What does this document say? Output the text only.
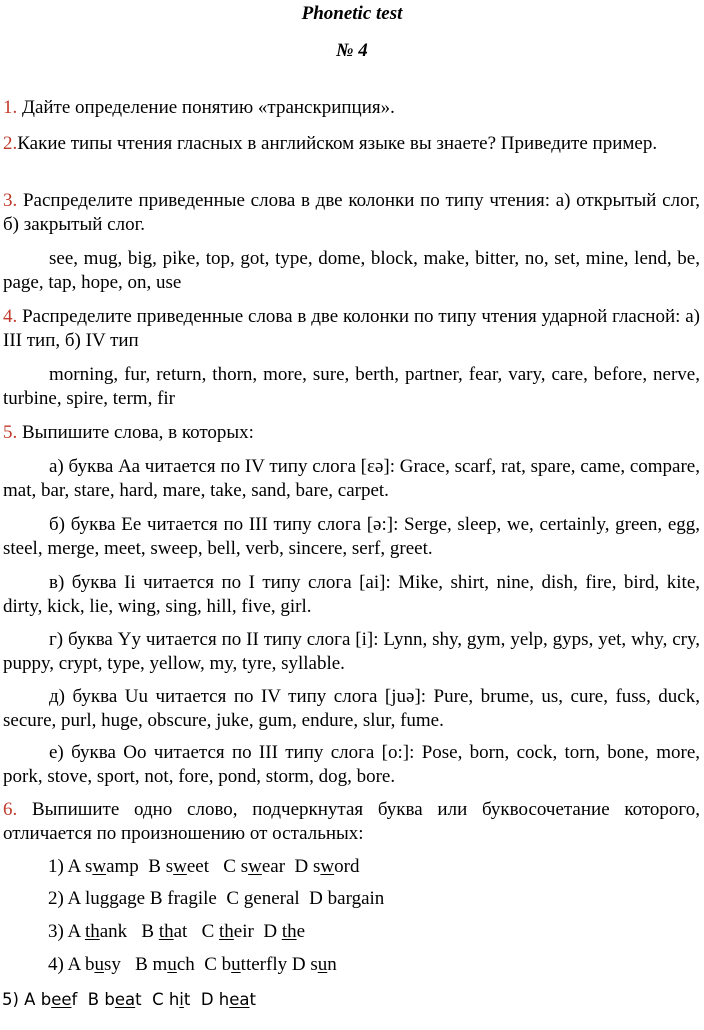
Phonetic test
№ 4
1. Дайте определение понятию «транскрипция».
2.Какие типы чтения гласных в английском языке вы знаете? Приведите пример.
3. Распределите приведенные слова в две колонки по типу чтения: а) открытый слог, б) закрытый слог.
see, mug, big, pike, top, got, type, dome, block, make, bitter, no, set, mine, lend, be, page, tap, hope, on, use
4. Распределите приведенные слова в две колонки по типу чтения ударной гласной: а) III тип, б) IV тип
morning, fur, return, thorn, more, sure, berth, partner, fear, vary, care, before, nerve, turbine, spire, term, fir
5. Выпишите слова, в которых:
а) буква Аа читается по IV типу слога [εə]: Grace, scarf, rat, spare, came, compare, mat, bar, stare, hard, mare, take, sand, bare, carpet.
б) буква Ee читается по III типу слога [ə:]: Serge, sleep, we, certainly, green, egg, steel, merge, meet, sweep, bell, verb, sincere, serf, greet.
в) буква Ii читается по I типу слога [ai]: Mike, shirt, nine, dish, fire, bird, kite, dirty, kick, lie, wing, sing, hill, five, girl.
г) буква Yy читается по II типу слога [i]: Lynn, shy, gym, yelp, gyps, yet, why, cry, puppy, crypt, type, yellow, my, tyre, syllable.
д) буква Uu читается по IV типу слога [juə]: Pure, brume, us, cure, fuss, duck, secure, purl, huge, obscure, juke, gum, endure, slur, fume.
е) буква Оо читается по III типу слога [o:]: Pose, born, cock, torn, bone, more, pork, stove, sport, not, fore, pond, storm, dog, bore.
6. Выпишите одно слово, подчеркнутая буква или буквосочетание которого, отличается по произношению от остальных:
1) A swamp  B sweet   C swear  D sword
2) A luggage B fragile  C general  D bargain
3) A thank   B that   C their  D the
4) A busy   B much  C butterfly D sun
5) A beef  B beat  C hit  D heat
